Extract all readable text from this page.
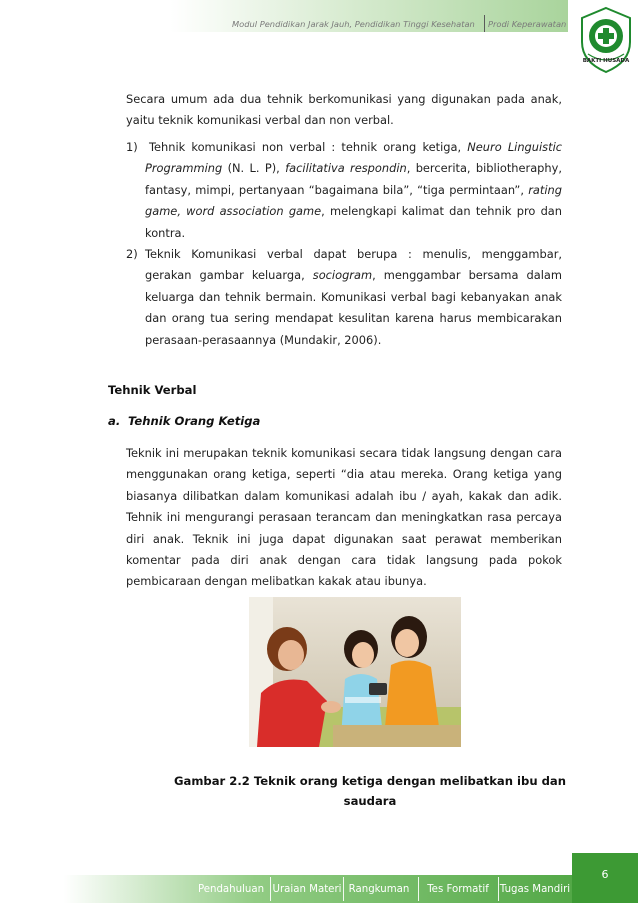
Modul Pendidikan Jarak Jauh, Pendidikan Tinggi Kesehatan Prodi Keperawatan
BAKTI HUSADA
Secara umum ada dua tehnik berkomunikasi yang digunakan pada anak, yaitu teknik komunikasi verbal dan non verbal.
1) Tehnik komunikasi non verbal : tehnik orang ketiga, Neuro Linguistic Programming (N. L. P), facilitativa respondin, bercerita, bibliotheraphy, fantasy, mimpi, pertanyaan “bagaimana bila”, “tiga permintaan”, rating game, word association game, melengkapi kalimat dan tehnik pro dan kontra.
2) Teknik Komunikasi verbal dapat berupa : menulis, menggambar, gerakan gambar keluarga, sociogram, menggambar bersama dalam keluarga dan tehnik bermain. Komunikasi verbal bagi kebanyakan anak dan orang tua sering mendapat kesulitan karena harus membicarakan perasaan-perasaannya (Mundakir, 2006).
Tehnik Verbal
a. Tehnik Orang Ketiga
Teknik ini merupakan teknik komunikasi secara tidak langsung dengan cara menggunakan orang ketiga, seperti “dia atau mereka. Orang ketiga yang biasanya dilibatkan dalam komunikasi adalah ibu / ayah, kakak dan adik. Tehnik ini mengurangi perasaan terancam dan meningkatkan rasa percaya diri anak. Teknik ini juga dapat digunakan saat perawat memberikan komentar pada diri anak dengan cara tidak langsung pada pokok pembicaraan dengan melibatkan kakak atau ibunya.
Gambar 2.2 Teknik orang ketiga dengan melibatkan ibu dan saudara
6
Pendahuluan Uraian Materi Rangkuman	Tes Formatif	Tugas Mandiri
